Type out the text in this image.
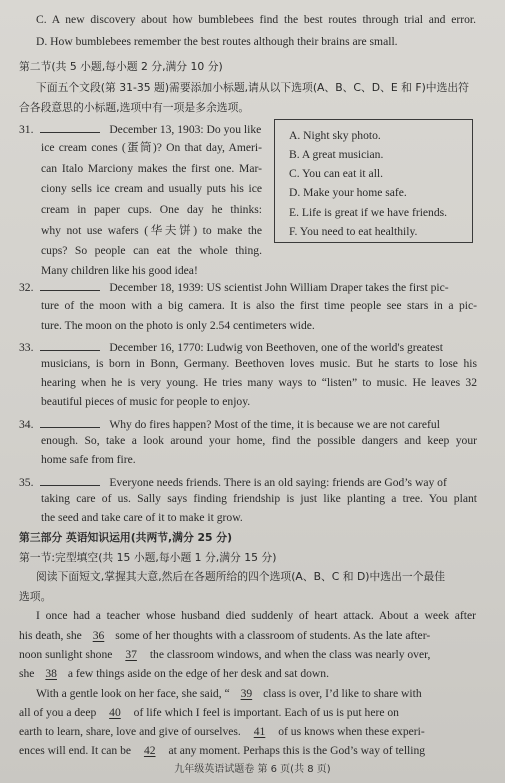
C. A new discovery about how bumblebees find the best routes through trial and error.
D. How bumblebees remember the best routes although their brains are small.
第二节(共 5 小题,每小题 2 分,满分 10 分)
下面五个文段(第 31-35 题)需要添加小标题,请从以下选项(A、B、C、D、E 和 F)中选出符
合各段意思的小标题,选项中有一项是多余选项。
31.	December 13, 1903: Do you like
ice cream cones (蛋筒)? On that day, Ameri-
can Italo Marciony makes the first one. Mar-
ciony sells ice cream and usually puts his ice
cream in paper cups. One day he thinks:
why not use wafers (华夫饼) to make the
cups? So people can eat the whole thing.
Many children like his good idea!
A. Night sky photo.
B. A great musician.
C. You can eat it all.
D. Make your home safe.
E. Life is great if we have friends.
F. You need to eat healthily.
32.	December 18, 1939: US scientist John William Draper takes the first pic-
ture of the moon with a big camera. It is also the first time people see stars in a pic-
ture. The moon on the photo is only 2.54 centimeters wide.
33.	December 16, 1770: Ludwig von Beethoven, one of the world's greatest
musicians, is born in Bonn, Germany. Beethoven loves music. But he starts to lose his
hearing when he is very young. He tries many ways to “listen” to music. He leaves 32
beautiful pieces of music for people to enjoy.
34.	Why do fires happen? Most of the time, it is because we are not careful
enough. So, take a look around your home, find the possible dangers and keep your
home safe from fire.
35.	Everyone needs friends. There is an old saying: friends are God’s way of
taking care of us. Sally says finding friendship is just like planting a tree. You plant
the seed and take care of it to make it grow.
第三部分 英语知识运用(共两节,满分 25 分)
第一节:完型填空(共 15 小题,每小题 1 分,满分 15 分)
阅读下面短文,掌握其大意,然后在各题所给的四个选项(A、B、C 和 D)中选出一个最佳
选项。
I once had a teacher whose husband died suddenly of heart attack. About a week after
his death, she 36 some of her thoughts with a classroom of students. As the late after-
noon sunlight shone 37 the classroom windows, and when the class was nearly over,
she 38 a few things aside on the edge of her desk and sat down.
With a gentle look on her face, she said, “ 39 class is over, I’d like to share with
all of you a deep 40 of life which I feel is important. Each of us is put here on
earth to learn, share, love and give of ourselves. 41 of us knows when these experi-
ences will end. It can be 42 at any moment. Perhaps this is the God’s way of telling
九年级英语试题卷 第 6 页(共 8 页)
